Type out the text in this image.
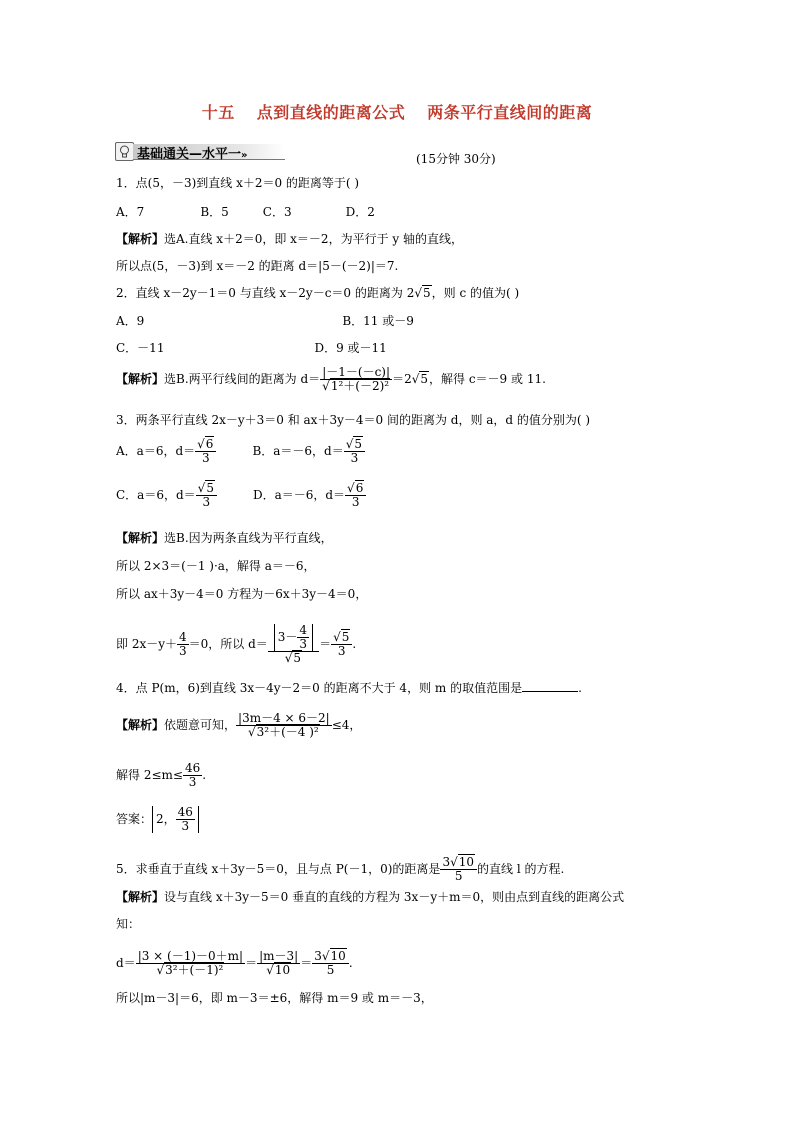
十五 点到直线的距离公式 两条平行直线间的距离
基础通关—水平一»	(15分钟 30分)
1．点(5，－3)到直线 x＋2＝0 的距离等于( )
A．7	B．5	C．3	D．2
【解析】选A.直线 x＋2＝0，即 x＝－2，为平行于 y 轴的直线，
所以点(5，－3)到 x＝－2 的距离 d＝|5－(－2)|＝7.
2．直线 x－2y－1＝0 与直线 x－2y－c＝0 的距离为 2√5，则 c 的值为( )
A．9	B．11 或－9
C．－11	D．9 或－11
【解析】选B.两平行线间的距离为 $d= \frac{|-1-(-c)|}{\text{√1²＋(－2)²}} =2√5$，解得 c＝－9 或 11.
3．两条平行直线 2x－y＋3＝0 和 ax＋3y－4＝0 间的距离为 d，则 a，d 的值分别为( )
A．a＝6，$d= \frac{√6}{3}$	B．a＝－6，$d= \frac{√5}{3}$
C．a＝6，$d= \frac{√5}{3}$	D．a＝－6，$d= \frac{√6}{3}$
【解析】选B.因为两条直线为平行直线，
所以 2×3＝(－1 )·a，解得 a＝－6，
所以 ax＋3y－4＝0 方程为－6x＋3y－4＝0，
即 $2x-y+ \frac{4}{3} =0$，所以 $d= \frac{3- \frac{4}{3}}{√5} = \frac{√5}{3}$ .
4．点 P(m，6)到直线 3x－4y－2＝0 的距离不大于 4，则 m 的取值范围是	.
【解析】依题意可知， $\frac{|3m-4 \times 6-2|}{\text{√3²＋(－4 )²}} \le 4$，
解得 $2\le m\le \frac{46}{3}$ .
答案： 2， $\frac{46}{3}$
5．求垂直于直线 x＋3y－5＝0，且与点 P(－1，0)的距离是 $\frac{3√10}{5}$ 的直线 l 的方程.
【解析】设与直线 x＋3y－5＝0 垂直的直线的方程为 3x－y＋m＝0，则由点到直线的距离公式
知：
$d= \frac{|3 \times (-1)-0+m|}{\text{√3²＋(－1)²}} = \frac{|m-3|}{√10} = \frac{3√10}{5}$ .
所以|m－3|＝6，即 m－3＝±6，解得 m＝9 或 m＝－3，
